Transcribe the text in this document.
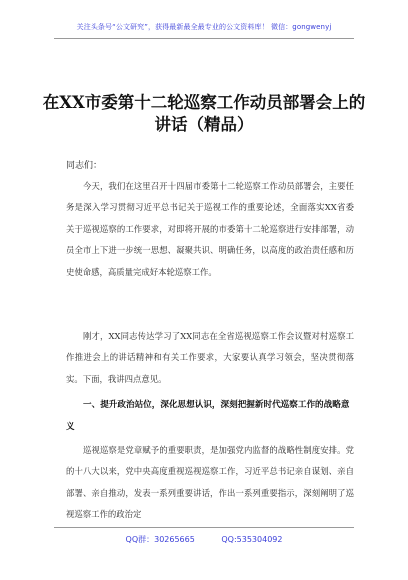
关注头条号“公文研究”，获得最新最全最专业的公文资料库！ 微信：gongwenyj
在XX市委第十二轮巡察工作动员部署会上的讲话（精品）
同志们：
今天，我们在这里召开十四届市委第十二轮巡察工作动员部署会，主要任务是深入学习贯彻习近平总书记关于巡视工作的重要论述，全面落实XX省委关于巡视巡察的工作要求，对即将开展的市委第十二轮巡察进行安排部署，动员全市上下进一步统一思想、凝聚共识、明确任务，以高度的政治责任感和历史使命感，高质量完成好本轮巡察工作。
刚才，XX同志传达学习了XX同志在全省巡视巡察工作会议暨对村巡察工作推进会上的讲话精神和有关工作要求，大家要认真学习领会，坚决贯彻落实。下面，我讲四点意见。
一、提升政治站位，深化思想认识，深刻把握新时代巡察工作的战略意义
巡视巡察是党章赋予的重要职责，是加强党内监督的战略性制度安排。党的十八大以来，党中央高度重视巡视巡察工作，习近平总书记亲自谋划、亲自部署、亲自推动，发表一系列重要讲话，作出一系列重要指示，深刻阐明了巡视巡察工作的政治定
QQ群：30265665	QQ:535304092
